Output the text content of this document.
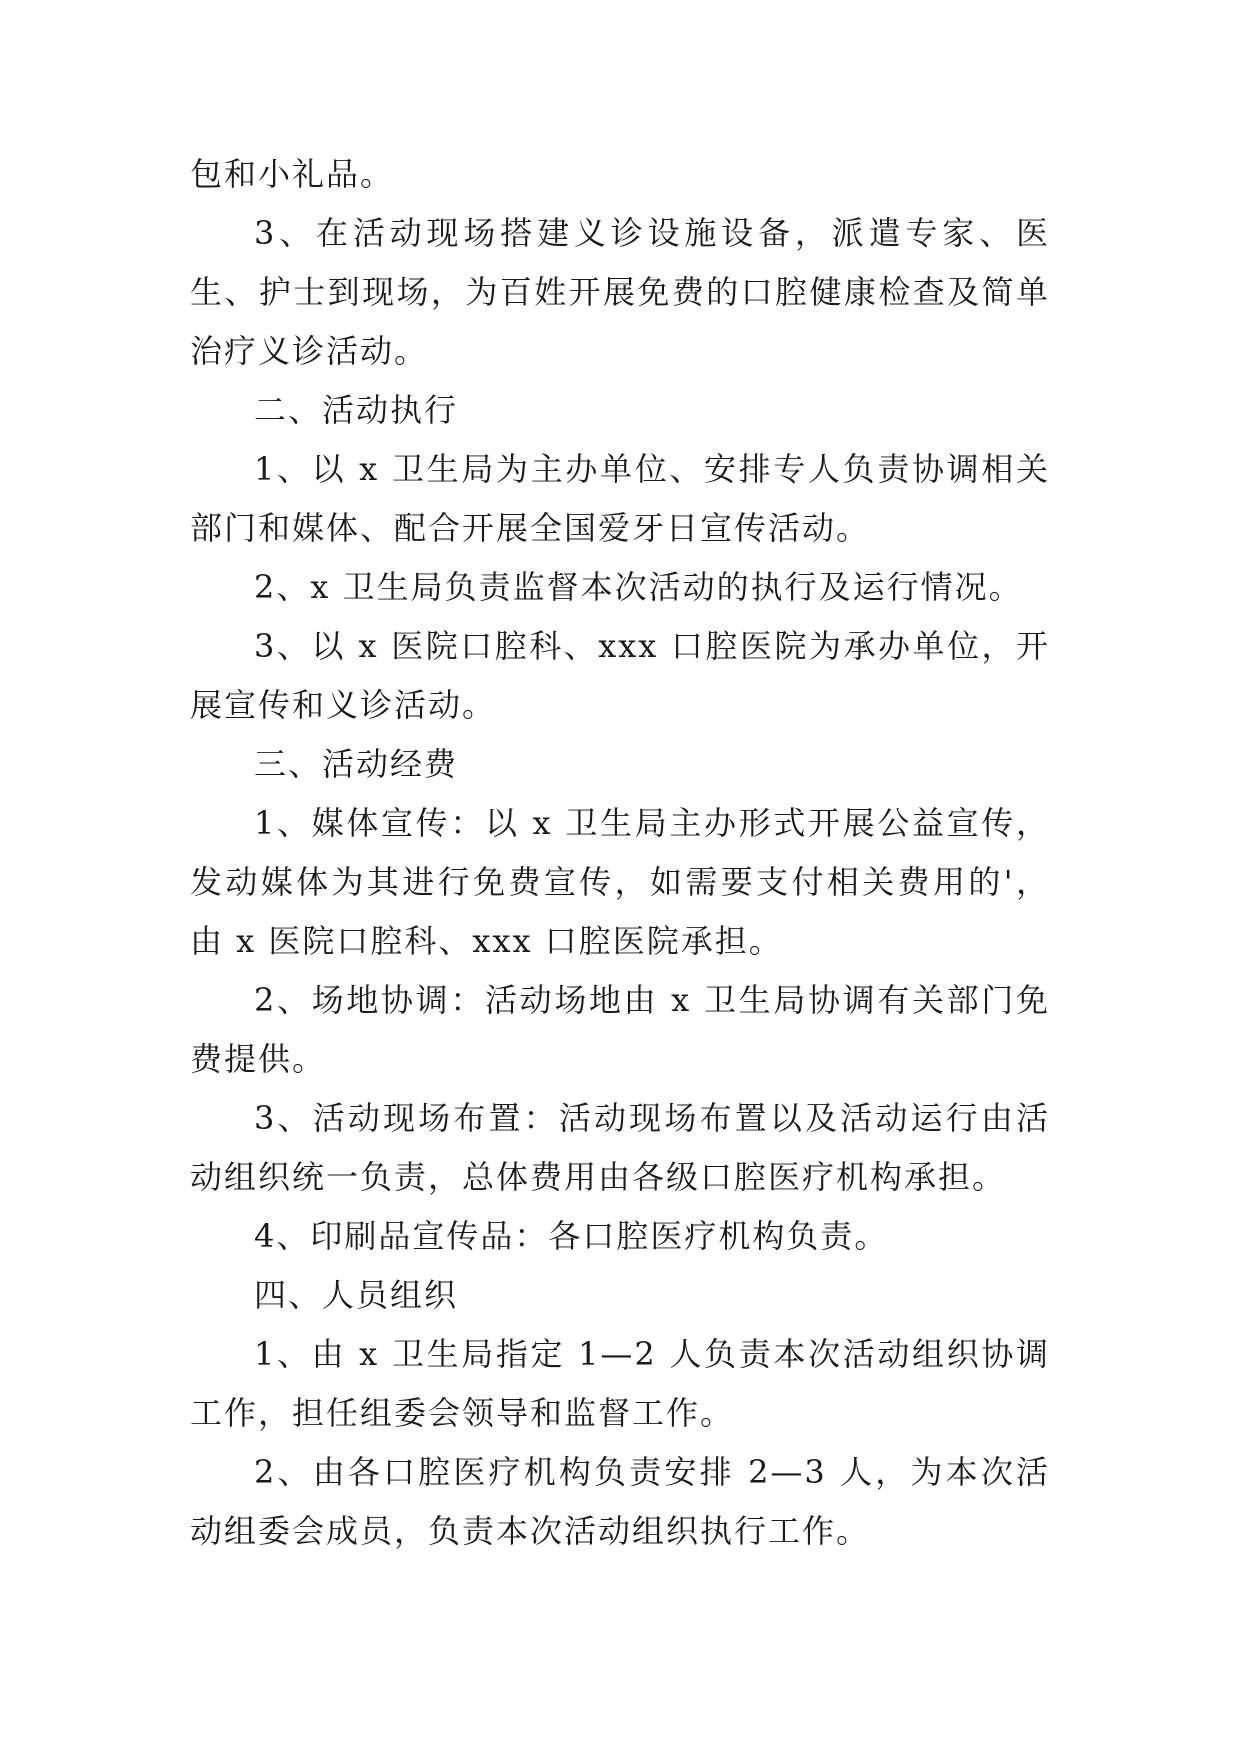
包和小礼品。

3、在活动现场搭建义诊设施设备，派遣专家、医生、护士到现场，为百姓开展免费的口腔健康检查及简单治疗义诊活动。

二、活动执行

1、以 x 卫生局为主办单位、安排专人负责协调相关部门和媒体、配合开展全国爱牙日宣传活动。

2、x 卫生局负责监督本次活动的执行及运行情况。

3、以 x 医院口腔科、xxx 口腔医院为承办单位，开展宣传和义诊活动。

三、活动经费

1、媒体宣传：以 x 卫生局主办形式开展公益宣传，发动媒体为其进行免费宣传，如需要支付相关费用的'，由 x 医院口腔科、xxx 口腔医院承担。

2、场地协调：活动场地由 x 卫生局协调有关部门免费提供。

3、活动现场布置：活动现场布置以及活动运行由活动组织统一负责，总体费用由各级口腔医疗机构承担。

4、印刷品宣传品：各口腔医疗机构负责。

四、人员组织

1、由 x 卫生局指定 1—2 人负责本次活动组织协调工作，担任组委会领导和监督工作。

2、由各口腔医疗机构负责安排 2—3 人，为本次活动组委会成员，负责本次活动组织执行工作。
